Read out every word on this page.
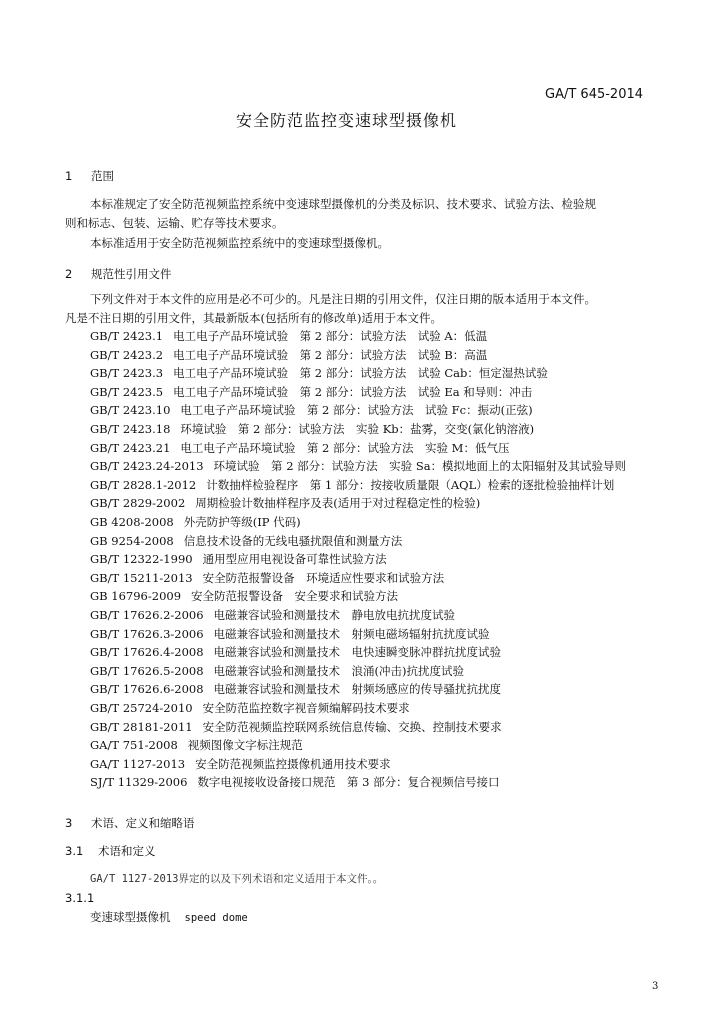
GA/T 645-2014
安全防范监控变速球型摄像机
1 范围
本标准规定了安全防范视频监控系统中变速球型摄像机的分类及标识、技术要求、试验方法、检验规
则和标志、包装、运输、贮存等技术要求。
本标准适用于安全防范视频监控系统中的变速球型摄像机。
2 规范性引用文件
下列文件对于本文件的应用是必不可少的。凡是注日期的引用文件，仅注日期的版本适用于本文件。
凡是不注日期的引用文件，其最新版本(包括所有的修改单)适用于本文件。
GB/T 2423.1 电工电子产品环境试验　第 2 部分：试验方法　试验 A：低温
GB/T 2423.2 电工电子产品环境试验　第 2 部分：试验方法　试验 B：高温
GB/T 2423.3 电工电子产品环境试验　第 2 部分：试验方法　试验 Cab：恒定湿热试验
GB/T 2423.5 电工电子产品环境试验　第 2 部分：试验方法　试验 Ea 和导则：冲击
GB/T 2423.10 电工电子产品环境试验　第 2 部分：试验方法　试验 Fc：振动(正弦)
GB/T 2423.18 环境试验　第 2 部分：试验方法　实验 Kb：盐雾，交变(氯化钠溶液)
GB/T 2423.21 电工电子产品环境试验　第 2 部分：试验方法　实验 M：低气压
GB/T 2423.24-2013 环境试验　第 2 部分：试验方法　实验 Sa：模拟地面上的太阳辐射及其试验导则
GB/T 2828.1-2012 计数抽样检验程序　第 1 部分：按接收质量限（AQL）检索的逐批检验抽样计划
GB/T 2829-2002 周期检验计数抽样程序及表(适用于对过程稳定性的检验)
GB 4208-2008 外壳防护等级(IP 代码)
GB 9254-2008 信息技术设备的无线电骚扰限值和测量方法
GB/T 12322-1990 通用型应用电视设备可靠性试验方法
GB/T 15211-2013 安全防范报警设备　环境适应性要求和试验方法
GB 16796-2009 安全防范报警设备　安全要求和试验方法
GB/T 17626.2-2006 电磁兼容试验和测量技术　静电放电抗扰度试验
GB/T 17626.3-2006 电磁兼容试验和测量技术　射频电磁场辐射抗扰度试验
GB/T 17626.4-2008 电磁兼容试验和测量技术　电快速瞬变脉冲群抗扰度试验
GB/T 17626.5-2008 电磁兼容试验和测量技术　浪涌(冲击)抗扰度试验
GB/T 17626.6-2008 电磁兼容试验和测量技术　射频场感应的传导骚扰抗扰度
GB/T 25724-2010 安全防范监控数字视音频编解码技术要求
GB/T 28181-2011 安全防范视频监控联网系统信息传输、交换、控制技术要求
GA/T 751-2008 视频图像文字标注规范
GA/T 1127-2013 安全防范视频监控摄像机通用技术要求
SJ/T 11329-2006 数字电视接收设备接口规范　第 3 部分：复合视频信号接口
3 术语、定义和缩略语
3.1 术语和定义
GA/T 1127-2013界定的以及下列术语和定义适用于本文件。。
3.1.1
变速球型摄像机 speed dome
3
